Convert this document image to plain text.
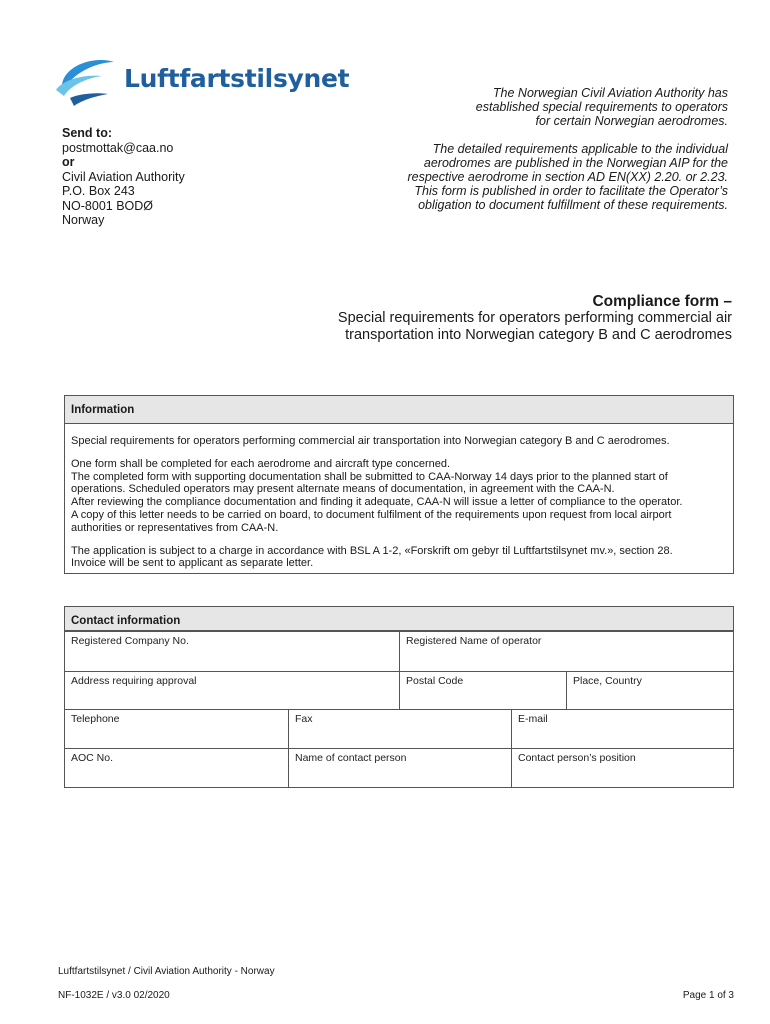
Luftfartstilsynet
Send to:
postmottak@caa.no
or
Civil Aviation Authority
P.O. Box 243
NO-8001 BODØ
Norway

The Norwegian Civil Aviation Authority has
established special requirements to operators
for certain Norwegian aerodromes.

The detailed requirements applicable to the individual
aerodromes are published in the Norwegian AIP for the
respective aerodrome in section AD EN(XX) 2.20. or 2.23.
This form is published in order to facilitate the Operator’s
obligation to document fulfillment of these requirements.

Compliance form –
Special requirements for operators performing commercial air
transportation into Norwegian category B and C aerodromes
Information

Special requirements for operators performing commercial air transportation into Norwegian category B and C aerodromes.

One form shall be completed for each aerodrome and aircraft type concerned.
The completed form with supporting documentation shall be submitted to CAA-Norway 14 days prior to the planned start of
operations. Scheduled operators may present alternate means of documentation, in agreement with the CAA-N.
After reviewing the compliance documentation and finding it adequate, CAA-N will issue a letter of compliance to the operator.
A copy of this letter needs to be carried on board, to document fulfilment of the requirements upon request from local airport
authorities or representatives from CAA-N.

The application is subject to a charge in accordance with BSL A 1-2, «Forskrift om gebyr til Luftfartstilsynet mv.», section 28.
Invoice will be sent to applicant as separate letter.

Contact information
Registered Company No.	Registered Name of operator
Address requiring approval	Postal Code	Place, Country
Telephone	Fax	E-mail
AOC No.	Name of contact person	Contact person’s position
Luftfartstilsynet / Civil Aviation Authority - Norway
NF-1032E / v3.0 02/2020	Page 1 of 3
